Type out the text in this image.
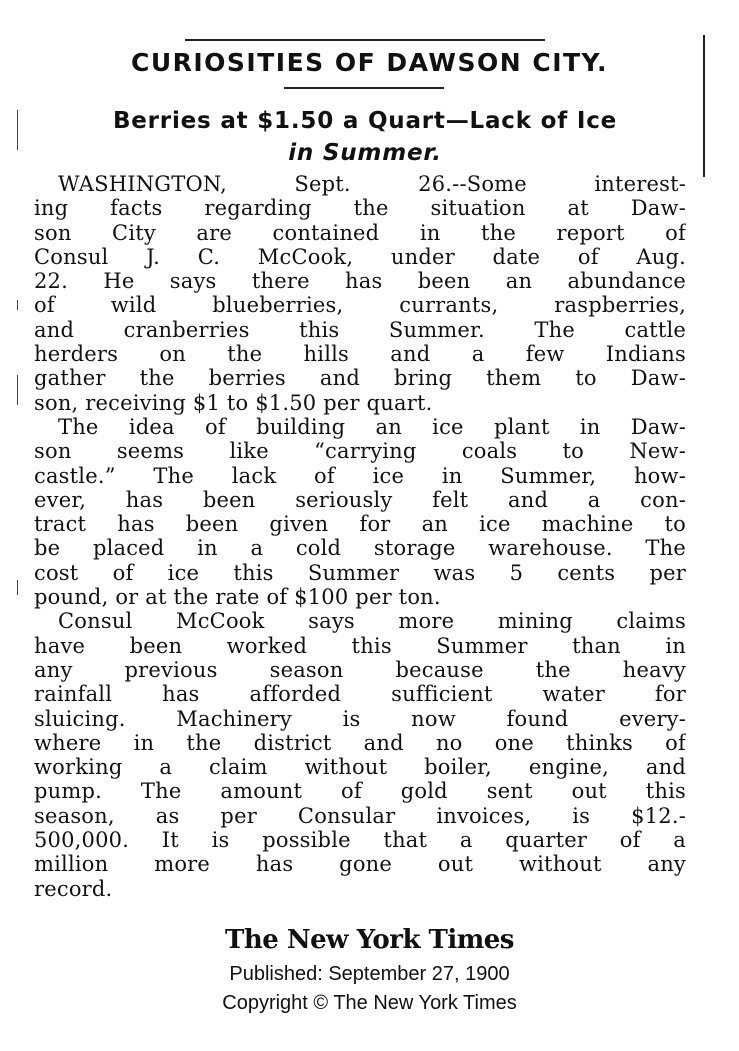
CURIOSITIES OF DAWSON CITY.
Berries at $1.50 a Quart—Lack of Ice
in Summer.
WASHINGTON, Sept. 26.--Some interest-
ing facts regarding the situation at Daw-
son City are contained in the report of
Consul J. C. McCook, under date of Aug.
22. He says there has been an abundance
of wild blueberries, currants, raspberries,
and cranberries this Summer. The cattle
herders on the hills and a few Indians
gather the berries and bring them to Daw-
son, receiving $1 to $1.50 per quart.
The idea of building an ice plant in Daw-
son seems like “carrying coals to New-
castle.” The lack of ice in Summer, how-
ever, has been seriously felt and a con-
tract has been given for an ice machine to
be placed in a cold storage warehouse. The
cost of ice this Summer was 5 cents per
pound, or at the rate of $100 per ton.
Consul McCook says more mining claims
have been worked this Summer than in
any previous season because the heavy
rainfall has afforded sufficient water for
sluicing. Machinery is now found every-
where in the district and no one thinks of
working a claim without boiler, engine, and
pump. The amount of gold sent out this
season, as per Consular invoices, is $12.-
500,000. It is possible that a quarter of a
million more has gone out without any
record.
The New York Times
Published: September 27, 1900
Copyright © The New York Times
